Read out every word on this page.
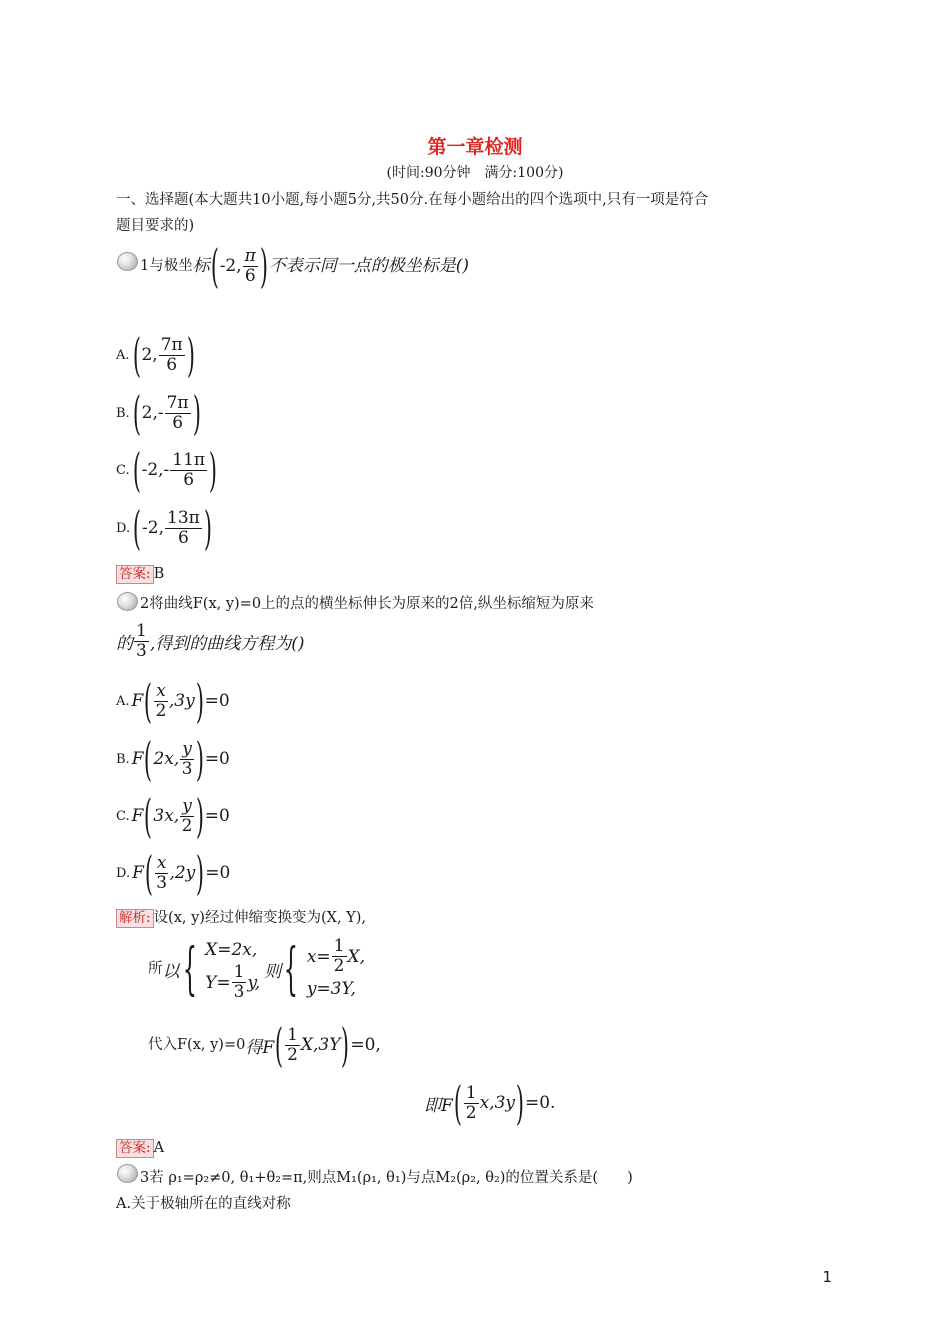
第一章检测
(时间:90分钟　满分:100分)
一、选择题(本大题共10小题,每小题5分,共50分.在每小题给出的四个选项中,只有一项是符合
题目要求的)
1与极坐 标 ( -2, $\frac{\pi}{6}$ ) 不表示同一点的极坐标是()
A. ( 2, $\frac{7\pi}{6}$ )
B. ( $2,- \frac{7\pi}{6}$ )
C. ( $-2,- \frac{11\pi}{6}$ )
D. ( -2, $\frac{13\pi}{6}$ )
答案: B
2将曲线F(x, y)=0上的点的横坐标伸长为原来的2倍,纵坐标缩短为原来
的 $\frac{1}{3}$ ,得到的曲线方程为()
A. F ( $\frac{x}{2} ,3y$ ) =0
B. F ( 2x, $\frac{y}{3}$ ) =0
C. F ( 3x, $\frac{y}{2}$ ) =0
D. F ( $\frac{x}{3} ,2y$ ) =0
解析: 设(x, y)经过伸缩变换变为(X, Y),
所 以 { X=2x,
$Y= \frac{1}{3} y$,
则 { $x= \frac{1}{2} X$,
y=3Y,
代入F(x, y)=0 得F ( $\frac{1}{2} X,3Y$ ) =0,
即F ( $\frac{1}{2} x,3y$ ) =0.
答案: A
3若 ρ₁=ρ₂≠0, θ₁+θ₂=π,则点M₁(ρ₁, θ₁)与点M₂(ρ₂, θ₂)的位置关系是(　　)
A.关于极轴所在的直线对称
1
